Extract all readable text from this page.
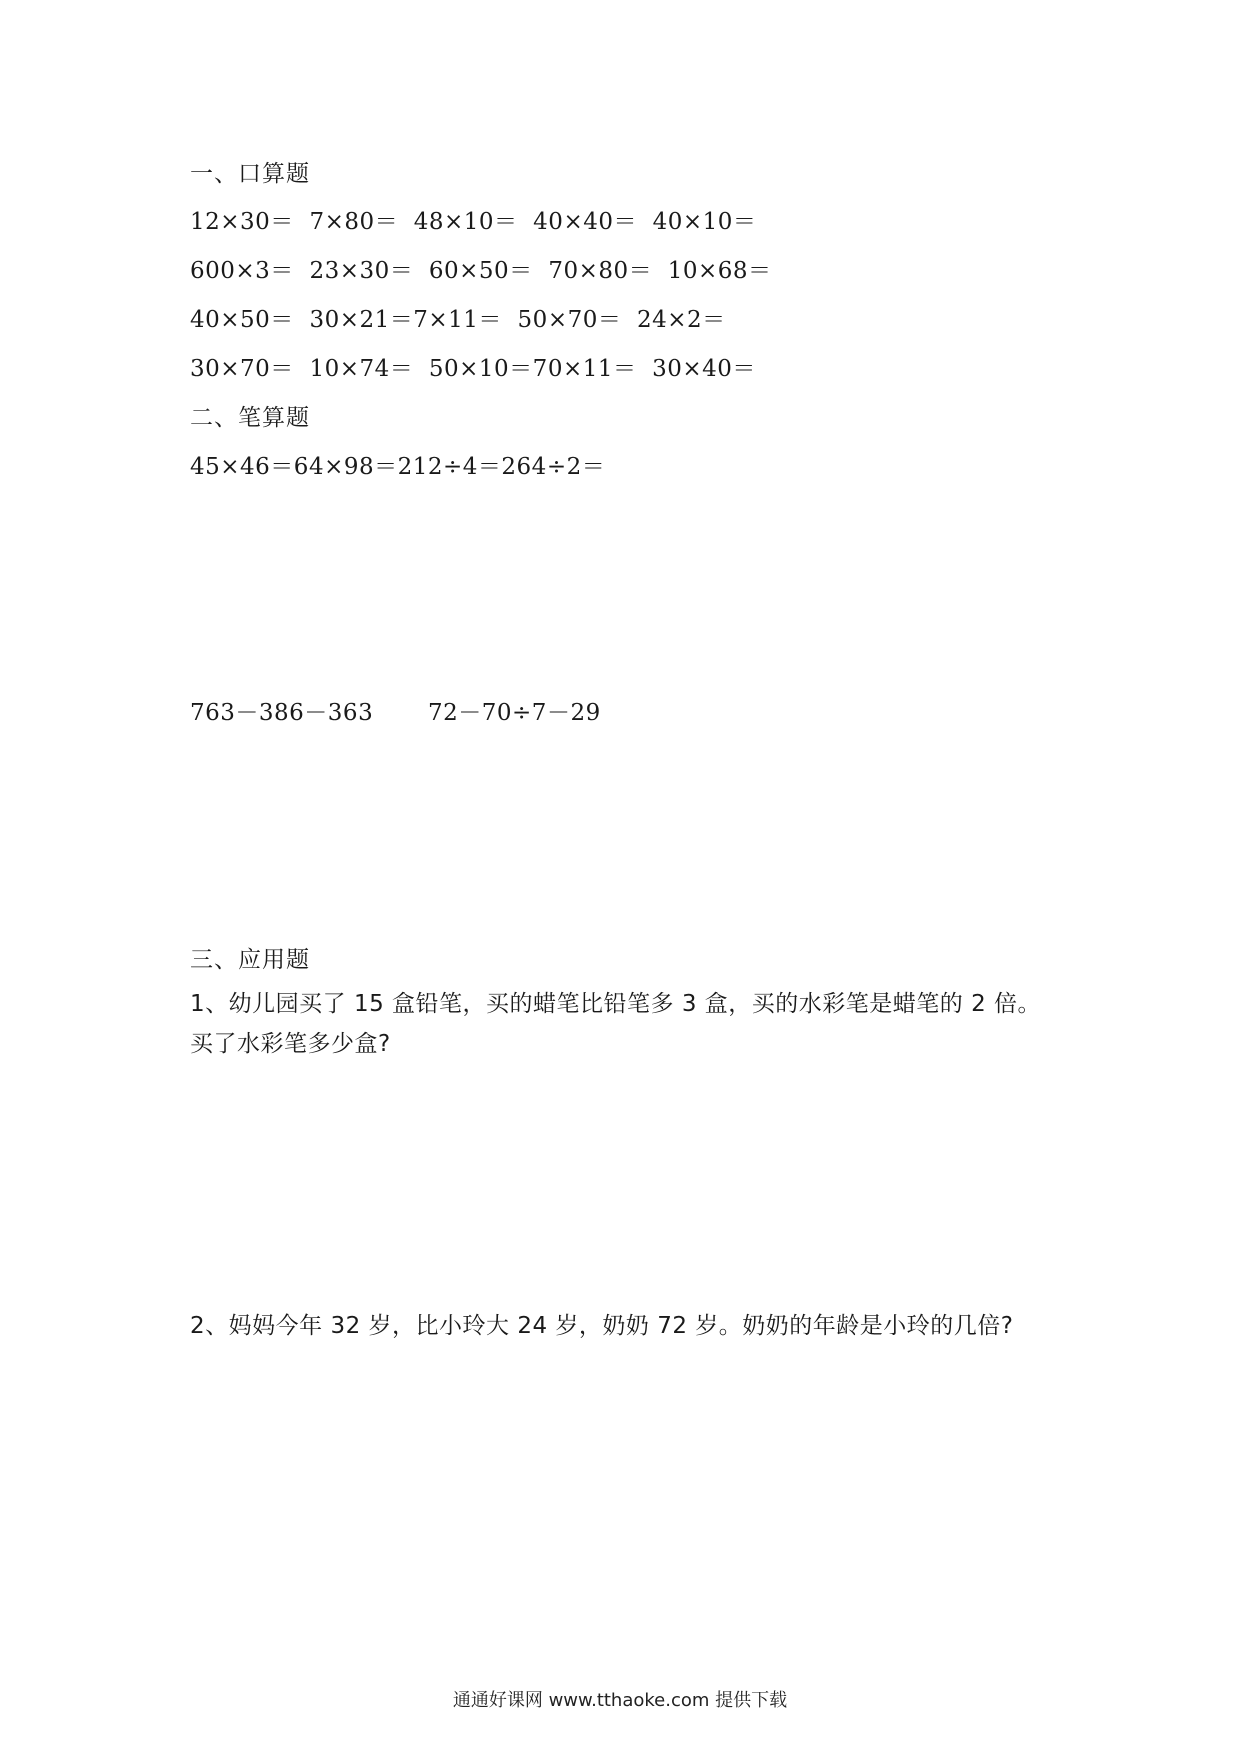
一、口算题
12×30＝ 7×80＝ 48×10＝ 40×40＝ 40×10＝
600×3＝ 23×30＝ 60×50＝ 70×80＝ 10×68＝
40×50＝ 30×21＝7×11＝ 50×70＝ 24×2＝
30×70＝ 10×74＝ 50×10＝70×11＝ 30×40＝
二、笔算题
45×46＝64×98＝212÷4＝264÷2＝
763－386－363 72－70÷7－29
三、应用题
1、幼儿园买了 15 盒铅笔，买的蜡笔比铅笔多 3 盒，买的水彩笔是蜡笔的 2 倍。
买了水彩笔多少盒?
2、妈妈今年 32 岁，比小玲大 24 岁，奶奶 72 岁。奶奶的年龄是小玲的几倍?
通通好课网 www.tthaoke.com 提供下载
